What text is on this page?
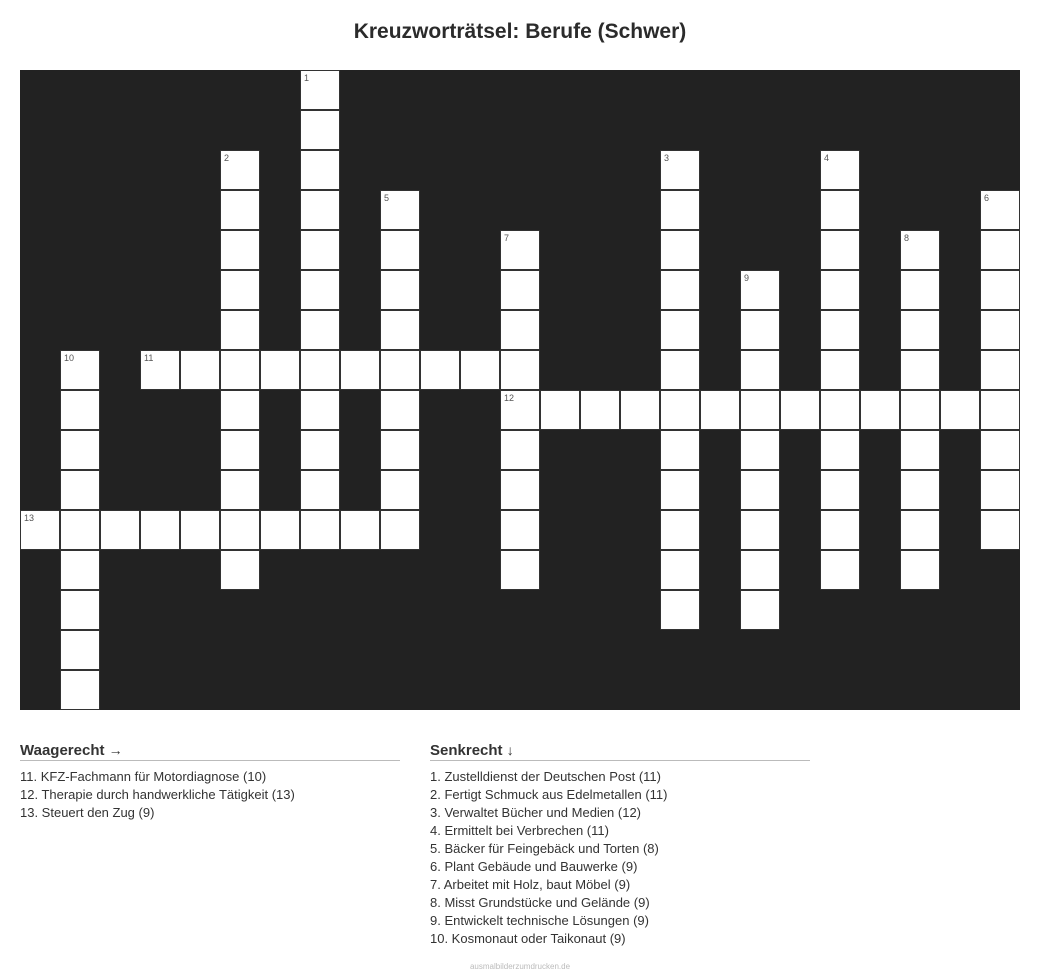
Kreuzworträtsel: Berufe (Schwer)
11
12
13
1
2	3	4
5	6
7	8
9
10
Waagerecht →
11. KFZ-Fachmann für Motordiagnose (10)
12. Therapie durch handwerkliche Tätigkeit (13)
13. Steuert den Zug (9)
Senkrecht ↓
1. Zustelldienst der Deutschen Post (11)
2. Fertigt Schmuck aus Edelmetallen (11)
3. Verwaltet Bücher und Medien (12)
4. Ermittelt bei Verbrechen (11)
5. Bäcker für Feingebäck und Torten (8)
6. Plant Gebäude und Bauwerke (9)
7. Arbeitet mit Holz, baut Möbel (9)
8. Misst Grundstücke und Gelände (9)
9. Entwickelt technische Lösungen (9)
10. Kosmonaut oder Taikonaut (9)
ausmalbilderzumdrucken.de
